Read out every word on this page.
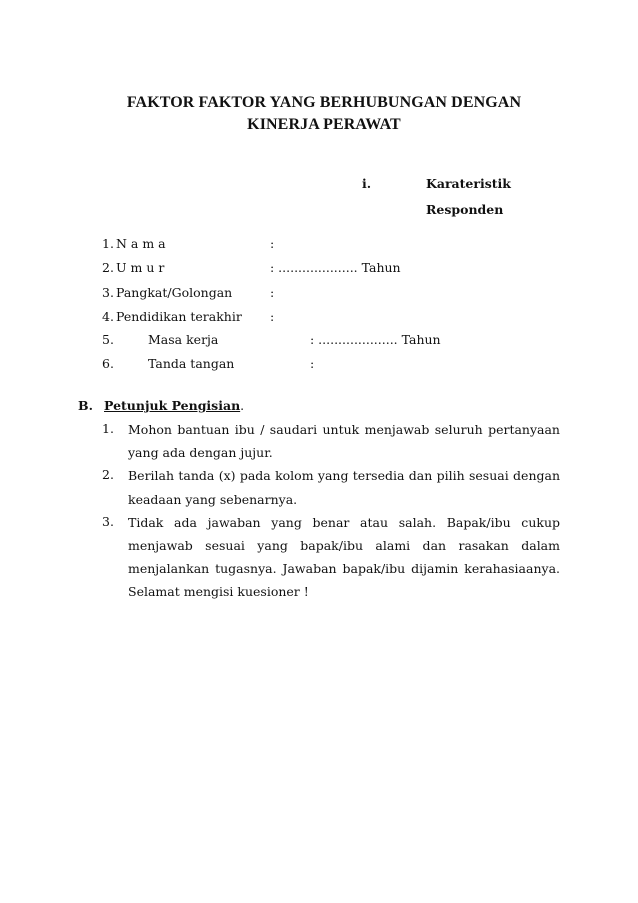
FAKTOR FAKTOR YANG BERHUBUNGAN DENGAN
KINERJA PERAWAT
i.	Karateristik
Responden
1. N a m a	:
2. U m u r	: .................... Tahun
3. Pangkat/Golongan	:
4. Pendidikan terakhir :
5.	Masa kerja	: .................... Tahun
6.	Tanda tangan	:
B. Petunjuk Pengisian.
1. Mohon bantuan ibu / saudari untuk menjawab seluruh pertanyaan
yang ada dengan jujur.
2. Berilah tanda (x) pada kolom yang tersedia dan pilih sesuai dengan
keadaan yang sebenarnya.
3. Tidak ada jawaban yang benar atau salah. Bapak/ibu cukup
menjawab sesuai yang bapak/ibu alami dan rasakan dalam
menjalankan tugasnya. Jawaban bapak/ibu dijamin kerahasiaanya.
Selamat mengisi kuesioner !
